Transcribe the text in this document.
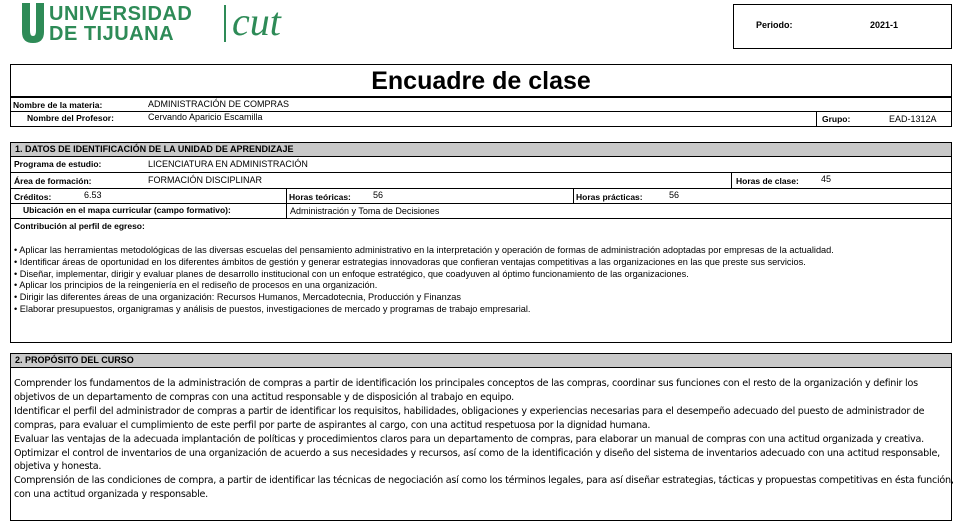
UNIVERSIDAD
DE TIJUANA cut	Periodo:	2021-1
Encuadre de clase
Nombre de la materia:	ADMINISTRACIÓN DE COMPRAS
Nombre del Profesor:	Cervando Aparicio Escamilla	Grupo:	EAD-1312A
1. DATOS DE IDENTIFICACIÓN DE LA UNIDAD DE APRENDIZAJE
Programa de estudio:	LICENCIATURA EN ADMINISTRACIÓN
Área de formación:	FORMACIÓN DISCIPLINAR	Horas de clase: 45
Créditos:	6.53	Horas teóricas: 56	Horas prácticas:	56
Ubicación en el mapa curricular (campo formativo):	Administración y Toma de Decisiones
Contribución al perfil de egreso:
• Aplicar las herramientas metodológicas de las diversas escuelas del pensamiento administrativo en la interpretación y operación de formas de administración adoptadas por empresas de la actualidad.
• Identificar áreas de oportunidad en los diferentes ámbitos de gestión y generar estrategias innovadoras que confieran ventajas competitivas a las organizaciones en las que preste sus servicios.
• Diseñar, implementar, dirigir y evaluar planes de desarrollo institucional con un enfoque estratégico, que coadyuven al óptimo funcionamiento de las organizaciones.
• Aplicar los principios de la reingeniería en el rediseño de procesos en una organización.
• Dirigir las diferentes áreas de una organización: Recursos Humanos, Mercadotecnia, Producción y Finanzas
• Elaborar presupuestos, organigramas y análisis de puestos, investigaciones de mercado y programas de trabajo empresarial.
2. PROPÓSITO DEL CURSO
Comprender los fundamentos de la administración de compras a partir de identificación los principales conceptos de las compras, coordinar sus funciones con el resto de la organización y definir los
objetivos de un departamento de compras con una actitud responsable y de disposición al trabajo en equipo.
Identificar el perfil del administrador de compras a partir de identificar los requisitos, habilidades, obligaciones y experiencias necesarias para el desempeño adecuado del puesto de administrador de
compras, para evaluar el cumplimiento de este perfil por parte de aspirantes al cargo, con una actitud respetuosa por la dignidad humana.
Evaluar las ventajas de la adecuada implantación de políticas y procedimientos claros para un departamento de compras, para elaborar un manual de compras con una actitud organizada y creativa.
Optimizar el control de inventarios de una organización de acuerdo a sus necesidades y recursos, así como de la identificación y diseño del sistema de inventarios adecuado con una actitud responsable,
objetiva y honesta.
Comprensión de las condiciones de compra, a partir de identificar las técnicas de negociación así como los términos legales, para así diseñar estrategias, tácticas y propuestas competitivas en ésta función,
con una actitud organizada y responsable.
